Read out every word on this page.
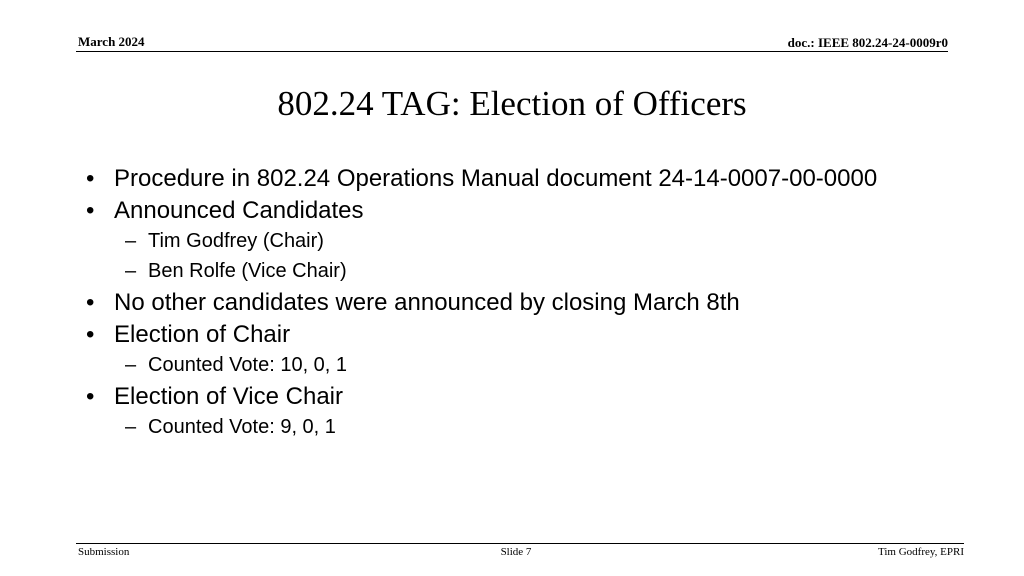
March 2024	doc.: IEEE 802.24-24-0009r0
802.24 TAG: Election of Officers
• Procedure in 802.24 Operations Manual document 24-14-0007-00-0000
• Announced Candidates
– Tim Godfrey (Chair)
– Ben Rolfe (Vice Chair)
• No other candidates were announced by closing March 8th
• Election of Chair
– Counted Vote: 10, 0, 1
• Election of Vice Chair
– Counted Vote: 9, 0, 1
Submission	Slide 7	Tim Godfrey, EPRI
